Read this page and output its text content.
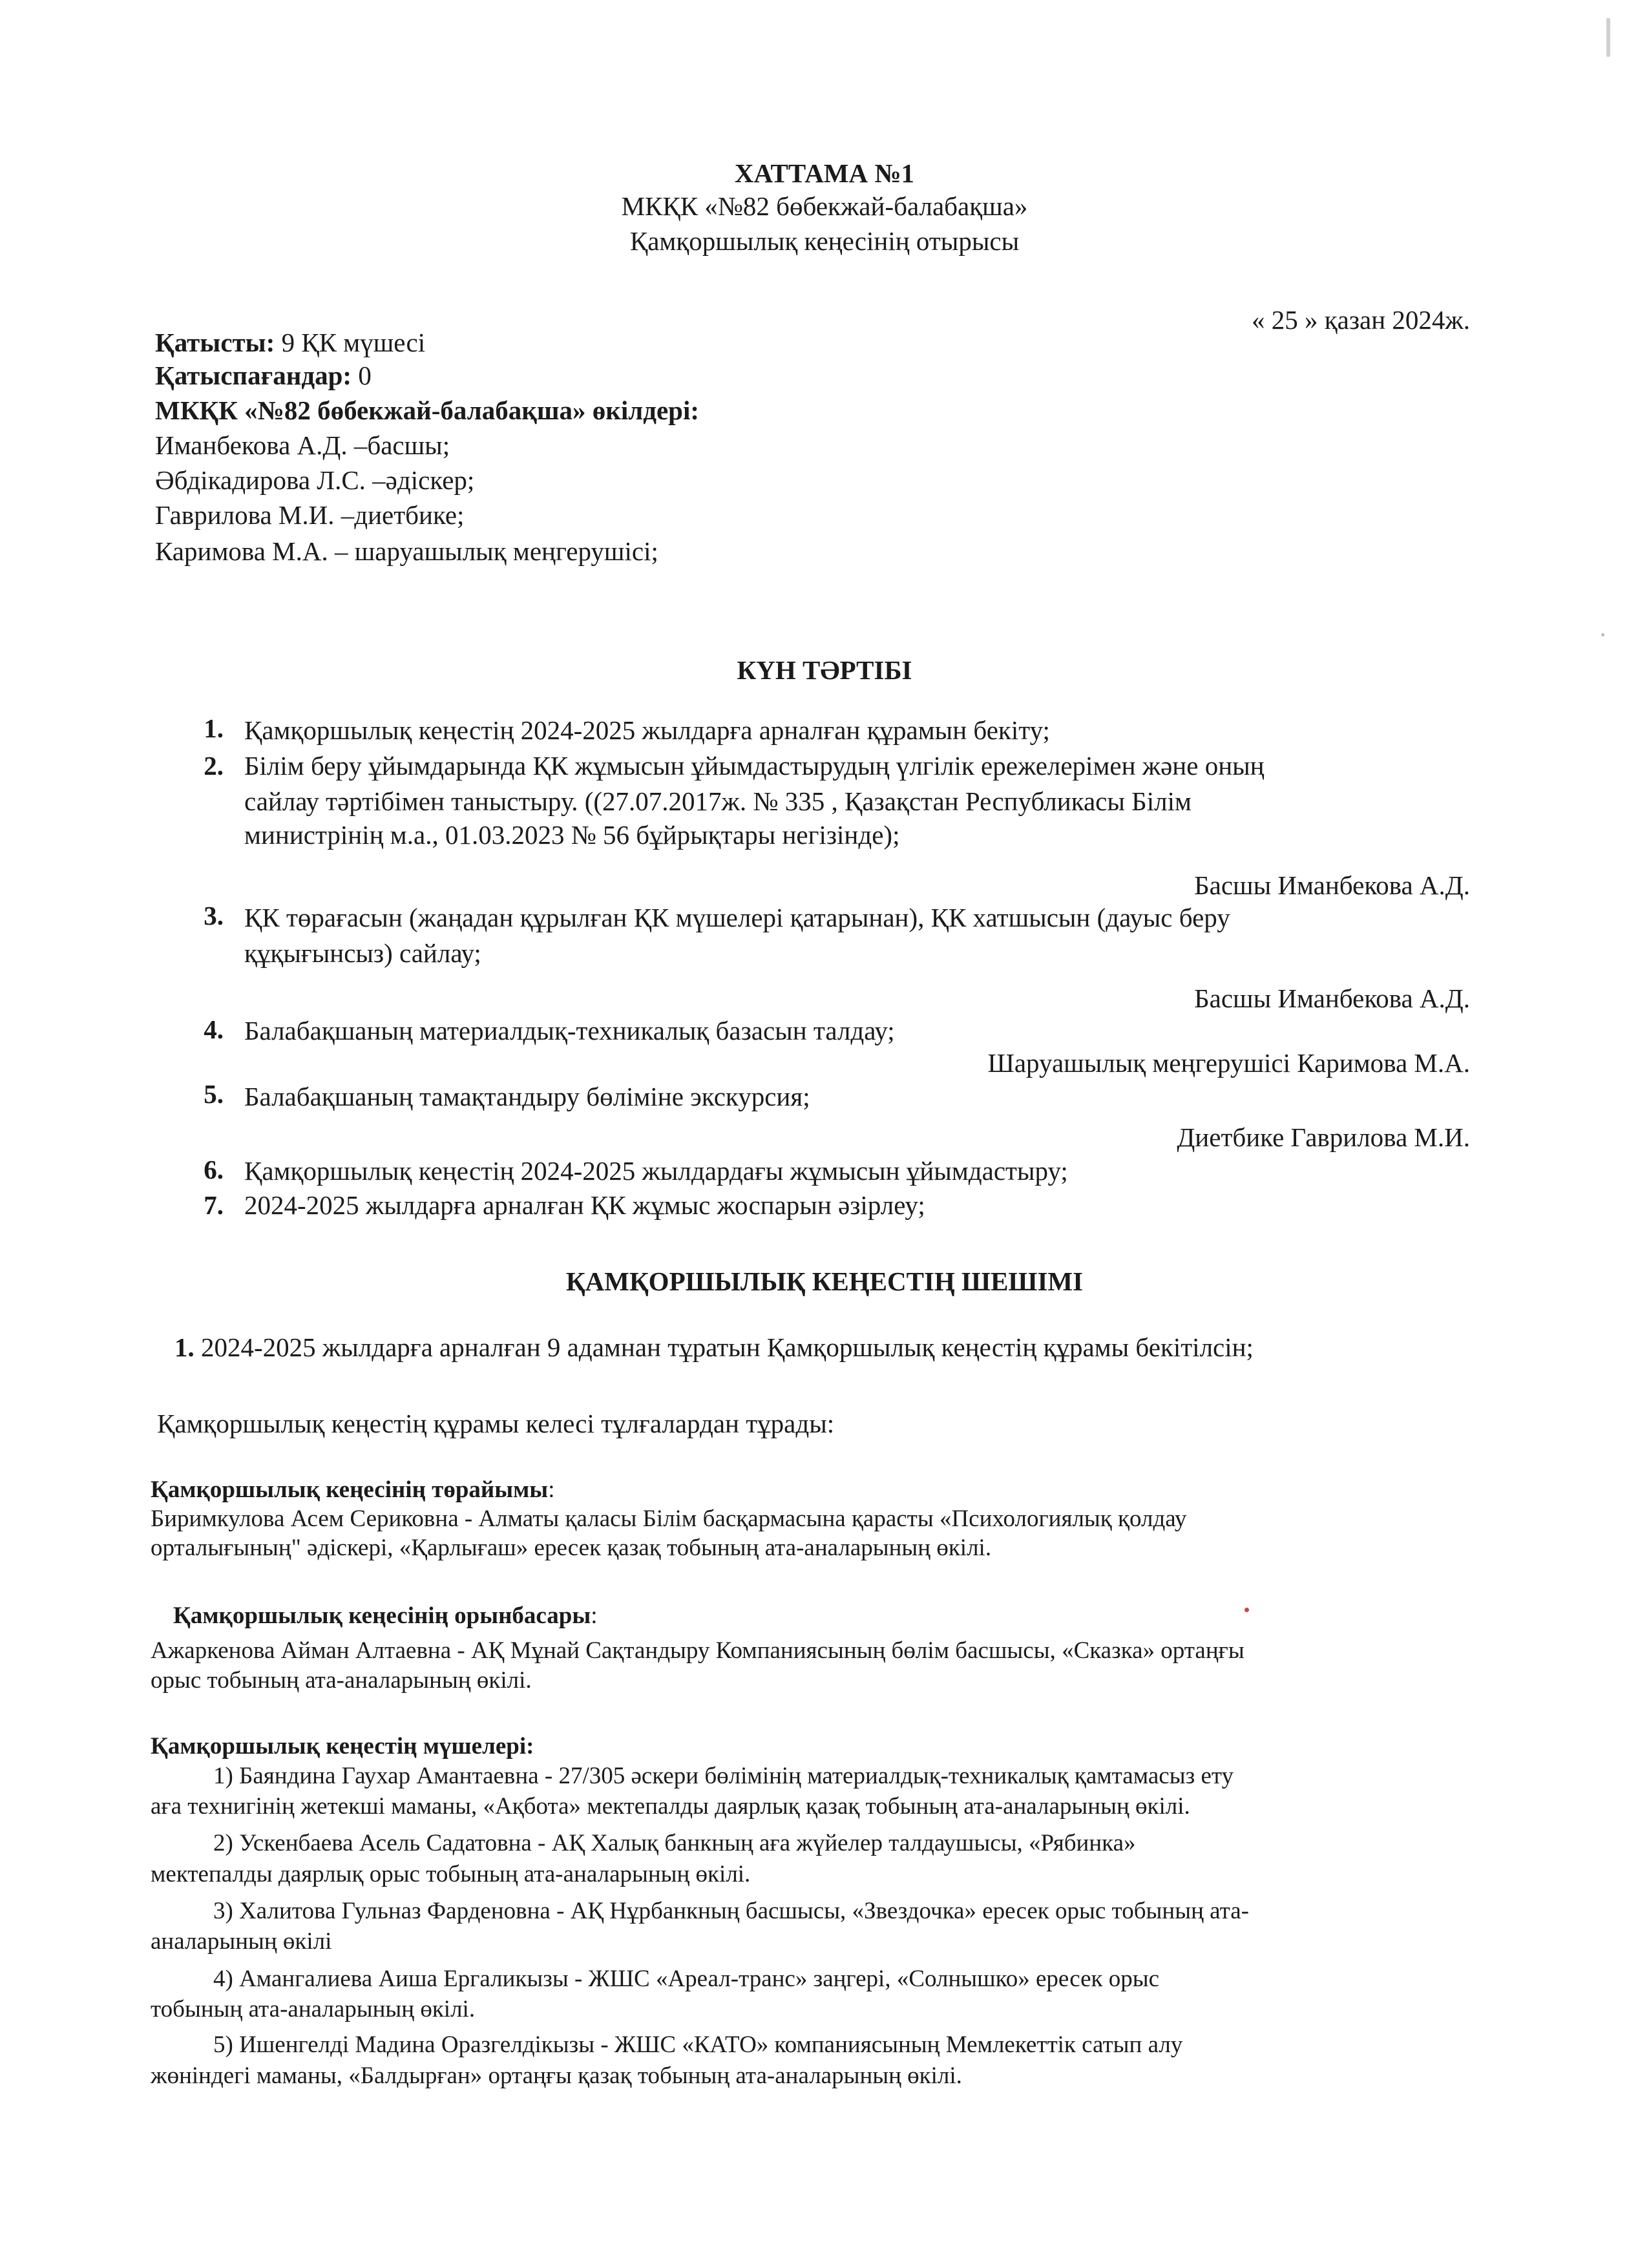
ХАТТАМА №1
МКҚК «№82 бөбекжай-балабақша»
Қамқоршылық кеңесінің отырысы
« 25 » қазан 2024ж.
Қатысты: 9 ҚК мүшесі
Қатыспағандар: 0
МКҚК «№82 бөбекжай-балабақша» өкілдері:
Иманбекова А.Д. –басшы;
Әбдікадирова Л.С. –әдіскер;
Гаврилова М.И. –диетбике;
Каримова М.А. – шаруашылық меңгерушісі;
КҮН ТӘРТІБІ
1. Қамқоршылық кеңестің 2024-2025 жылдарға арналған құрамын бекіту;
2. Білім беру ұйымдарында ҚК жұмысын ұйымдастырудың үлгілік ережелерімен және оның
сайлау тәртібімен таныстыру. ((27.07.2017ж. № 335 , Қазақстан Республикасы Білім
министрінің м.а., 01.03.2023 № 56 бұйрықтары негізінде);
Басшы Иманбекова А.Д.
3. ҚК төрағасын (жаңадан құрылған ҚК мүшелері қатарынан), ҚК хатшысын (дауыс беру
құқығынсыз) сайлау;
Басшы Иманбекова А.Д.
4. Балабақшаның материалдық-техникалық базасын талдау;
Шаруашылық меңгерушісі Каримова М.А.
5. Балабақшаның тамақтандыру бөліміне экскурсия;
Диетбике Гаврилова М.И.
6. Қамқоршылық кеңестің 2024-2025 жылдардағы жұмысын ұйымдастыру;
7. 2024-2025 жылдарға арналған ҚК жұмыс жоспарын әзірлеу;
ҚАМҚОРШЫЛЫҚ КЕҢЕСТІҢ ШЕШІМІ
1. 2024-2025 жылдарға арналған 9 адамнан тұратын Қамқоршылық кеңестің құрамы бекітілсін;
Қамқоршылық кеңестің құрамы келесі тұлғалардан тұрады:
Қамқоршылық кеңесінің төрайымы:
Биримкулова Асем Сериковна - Алматы қаласы Білім басқармасына қарасты «Психологиялық қолдау
орталығының" әдіскері, «Қарлығаш» ересек қазақ тобының ата-аналарының өкілі.
Қамқоршылық кеңесінің орынбасары:
Ажаркенова Айман Алтаевна - АҚ Мұнай Сақтандыру Компаниясының бөлім басшысы, «Сказка» ортаңғы
орыс тобының ата-аналарының өкілі.
Қамқоршылық кеңестің мүшелері:
1) Баяндина Гаухар Амантаевна - 27/305 әскери бөлімінің материалдық-техникалық қамтамасыз ету
аға технигінің жетекші маманы, «Ақбота» мектепалды даярлық қазақ тобының ата-аналарының өкілі.
2) Ускенбаева Асель Садатовна - АҚ Халық банкның аға жүйелер талдаушысы, «Рябинка»
мектепалды даярлық орыс тобының ата-аналарының өкілі.
3) Халитова Гульназ Фарденовна - АҚ Нұрбанкның басшысы, «Звездочка» ересек орыс тобының ата-
аналарының өкілі
4) Амангалиева Аиша Ергаликызы - ЖШС «Ареал-транс» заңгері, «Солнышко» ересек орыс
тобының ата-аналарының өкілі.
5) Ишенгелді Мадина Оразгелдікызы - ЖШС «КАТО» компаниясының Мемлекеттік сатып алу
жөніндегі маманы, «Балдырған» ортаңғы қазақ тобының ата-аналарының өкілі.
